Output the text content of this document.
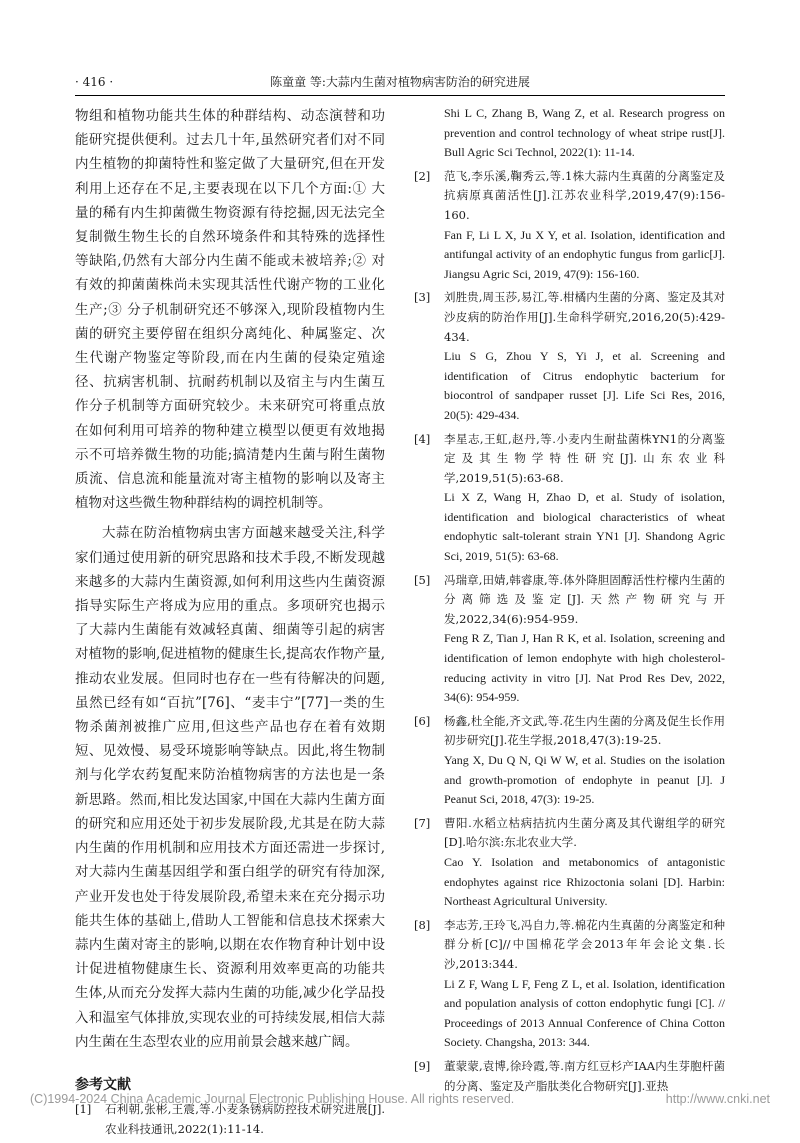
· 416 ·	陈童童 等:大蒜内生菌对植物病害防治的研究进展

物组和植物功能共生体的种群结构、动态演替和功能研究提供便利。过去几十年,虽然研究者们对不同内生植物的抑菌特性和鉴定做了大量研究,但在开发利用上还存在不足,主要表现在以下几个方面:① 大量的稀有内生抑菌微生物资源有待挖掘,因无法完全复制微生物生长的自然环境条件和其特殊的选择性等缺陷,仍然有大部分内生菌不能或未被培养;② 对有效的抑菌菌株尚未实现其活性代谢产物的工业化生产;③ 分子机制研究还不够深入,现阶段植物内生菌的研究主要停留在组织分离纯化、种属鉴定、次生代谢产物鉴定等阶段,而在内生菌的侵染定殖途径、抗病害机制、抗耐药机制以及宿主与内生菌互作分子机制等方面研究较少。未来研究可将重点放在如何利用可培养的物种建立模型以便更有效地揭示不可培养微生物的功能;搞清楚内生菌与附生菌物质流、信息流和能量流对寄主植物的影响以及寄主植物对这些微生物种群结构的调控机制等。

大蒜在防治植物病虫害方面越来越受关注,科学家们通过使用新的研究思路和技术手段,不断发现越来越多的大蒜内生菌资源,如何利用这些内生菌资源指导实际生产将成为应用的重点。多项研究也揭示了大蒜内生菌能有效减轻真菌、细菌等引起的病害对植物的影响,促进植物的健康生长,提高农作物产量,推动农业发展。但同时也存在一些有待解决的问题,虽然已经有如“百抗”[76]、“麦丰宁”[77]一类的生物杀菌剂被推广应用,但这些产品也存在着有效期短、见效慢、易受环境影响等缺点。因此,将生物制剂与化学农药复配来防治植物病害的方法也是一条新思路。然而,相比发达国家,中国在大蒜内生菌方面的研究和应用还处于初步发展阶段,尤其是在防大蒜内生菌的作用机制和应用技术方面还需进一步探讨,对大蒜内生菌基因组学和蛋白组学的研究有待加深,产业开发也处于待发展阶段,希望未来在充分揭示功能共生体的基础上,借助人工智能和信息技术探索大蒜内生菌对寄主的影响,以期在农作物育种计划中设计促进植物健康生长、资源利用效率更高的功能共生体,从而充分发挥大蒜内生菌的功能,减少化学品投入和温室气体排放,实现农业的可持续发展,相信大蒜内生菌在生态型农业的应用前景会越来越广阔。

参考文献
[1] 石利朝,张彬,王震,等.小麦条锈病防控技术研究进展[J].农业科技通讯,2022(1):11-14.

Shi L C, Zhang B, Wang Z, et al. Research progress on prevention and control technology of wheat stripe rust[J]. Bull Agric Sci Technol, 2022(1): 11-14.

[2] 范飞,李乐溪,鞠秀云,等.1株大蒜内生真菌的分离鉴定及抗病原真菌活性[J].江苏农业科学,2019,47(9):156-160.

Fan F, Li L X, Ju X Y, et al. Isolation, identification and antifungal activity of an endophytic fungus from garlic[J]. Jiangsu Agric Sci, 2019, 47(9): 156-160.

[3] 刘胜贵,周玉莎,易江,等.柑橘内生菌的分离、鉴定及其对沙皮病的防治作用[J].生命科学研究,2016,20(5):429-434.

Liu S G, Zhou Y S, Yi J, et al. Screening and identification of Citrus endophytic bacterium for biocontrol of sandpaper russet [J]. Life Sci Res, 2016, 20(5): 429-434.

[4] 李星志,王虹,赵丹,等.小麦内生耐盐菌株YN1的分离鉴定及其生物学特性研究[J].山东农业科学,2019,51(5):63-68.

Li X Z, Wang H, Zhao D, et al. Study of isolation, identification and biological characteristics of wheat endophytic salt-tolerant strain YN1 [J]. Shandong Agric Sci, 2019, 51(5): 63-68.

[5] 冯瑞章,田婧,韩睿康,等.体外降胆固醇活性柠檬内生菌的分离筛选及鉴定[J].天然产物研究与开发,2022,34(6):954-959.

Feng R Z, Tian J, Han R K, et al. Isolation, screening and identification of lemon endophyte with high cholesterol-reducing activity in vitro [J]. Nat Prod Res Dev, 2022, 34(6): 954-959.

[6] 杨鑫,杜全能,齐文武,等.花生内生菌的分离及促生长作用初步研究[J].花生学报,2018,47(3):19-25.

Yang X, Du Q N, Qi W W, et al. Studies on the isolation and growth-promotion of endophyte in peanut [J]. J Peanut Sci, 2018, 47(3): 19-25.

[7] 曹阳.水稻立枯病拮抗内生菌分离及其代谢组学的研究[D].哈尔滨:东北农业大学.

Cao Y. Isolation and metabonomics of antagonistic endophytes against rice Rhizoctonia solani [D]. Harbin: Northeast Agricultural University.

[8] 李志芳,王玲飞,冯自力,等.棉花内生真菌的分离鉴定和种群分析[C]//中国棉花学会2013年年会论文集.长沙,2013:344.

Li Z F, Wang L F, Feng Z L, et al. Isolation, identification and population analysis of cotton endophytic fungi [C]. // Proceedings of 2013 Annual Conference of China Cotton Society. Changsha, 2013: 344.

[9] 董蒙蒙,袁博,徐玲霞,等.南方红豆杉产IAA内生芽胞杆菌的分离、鉴定及产脂肽类化合物研究[J].亚热

(C)1994-2024 China Academic Journal Electronic Publishing House. All rights reserved.	http://www.cnki.net
